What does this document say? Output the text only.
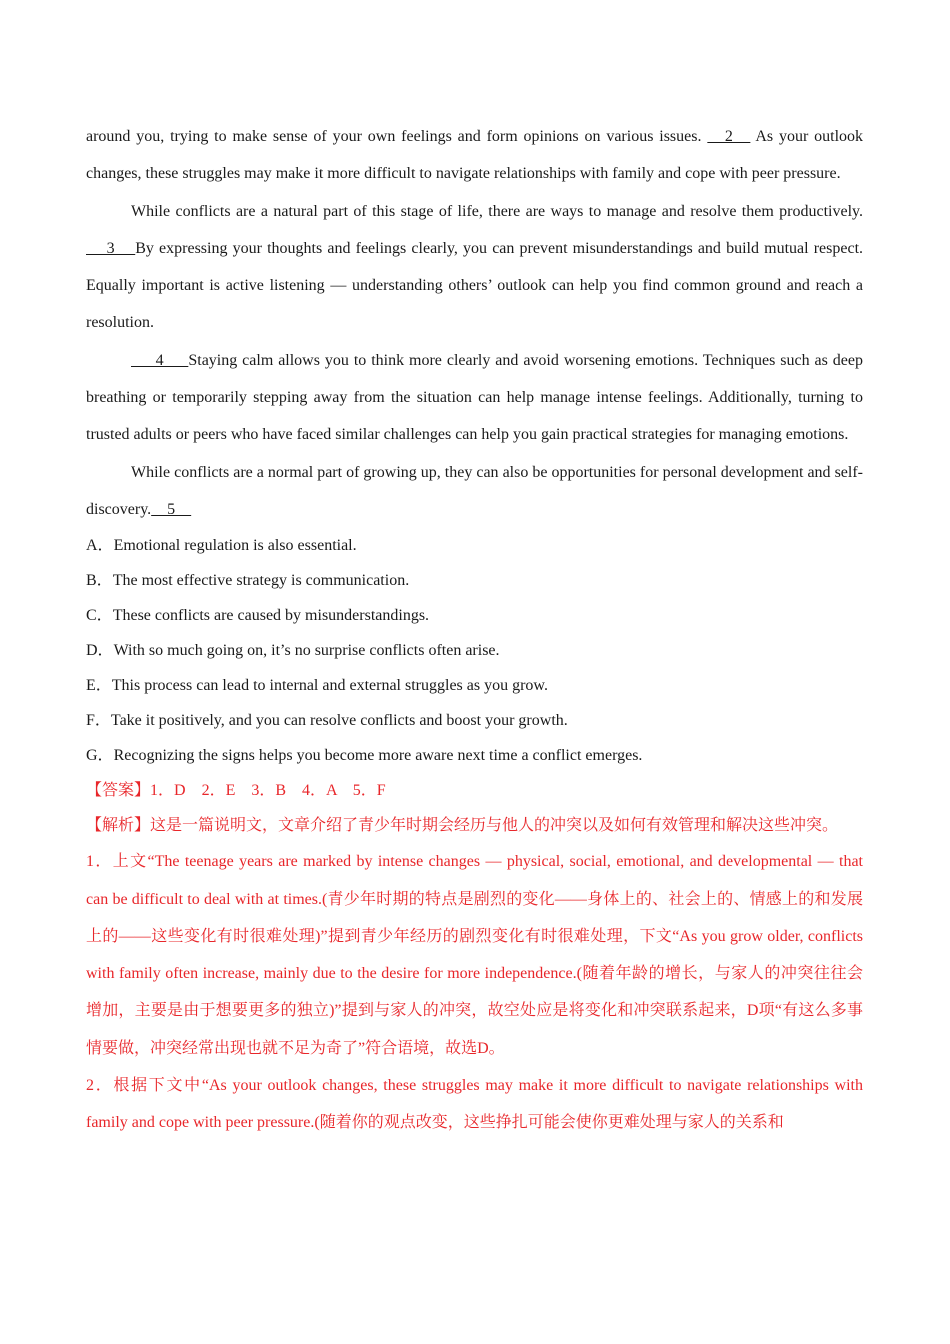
around you, trying to make sense of your own feelings and form opinions on various issues.    2    As your outlook changes, these struggles may make it more difficult to navigate relationships with family and cope with peer pressure.

While conflicts are a natural part of this stage of life, there are ways to manage and resolve them productively.     3    By expressing your thoughts and feelings clearly, you can prevent misunderstandings and build mutual respect. Equally important is active listening — understanding others’ outlook can help you find common ground and reach a resolution.

4     Staying calm allows you to think more clearly and avoid worsening emotions. Techniques such as deep breathing or temporarily stepping away from the situation can help manage intense feelings. Additionally, turning to trusted adults or peers who have faced similar challenges can help you gain practical strategies for managing emotions.

While conflicts are a normal part of growing up, they can also be opportunities for personal development and self-discovery.    5

A．Emotional regulation is also essential.

B．The most effective strategy is communication.

C．These conflicts are caused by misunderstandings.

D．With so much going on, it’s no surprise conflicts often arise.

E．This process can lead to internal and external struggles as you grow.

F．Take it positively, and you can resolve conflicts and boost your growth.

G．Recognizing the signs helps you become more aware next time a conflict emerges.

【答案】1．D　2．E　3．B　4．A　5．F

【解析】这是一篇说明文，文章介绍了青少年时期会经历与他人的冲突以及如何有效管理和解决这些冲突。

1．上文“The teenage years are marked by intense changes — physical, social, emotional, and developmental — that can be difficult to deal with at times.(青少年时期的特点是剧烈的变化——身体上的、社会上的、情感上的和发展上的——这些变化有时很难处理)”提到青少年经历的剧烈变化有时很难处理，下文“As you grow older, conflicts with family often increase, mainly due to the desire for more independence.(随着年龄的增长，与家人的冲突往往会增加，主要是由于想要更多的独立)”提到与家人的冲突，故空处应是将变化和冲突联系起来，D项“有这么多事情要做，冲突经常出现也就不足为奇了”符合语境，故选D。

2．根据下文中“As your outlook changes, these struggles may make it more difficult to navigate relationships with family and cope with peer pressure.(随着你的观点改变，这些挣扎可能会使你更难处理与家人的关系和
